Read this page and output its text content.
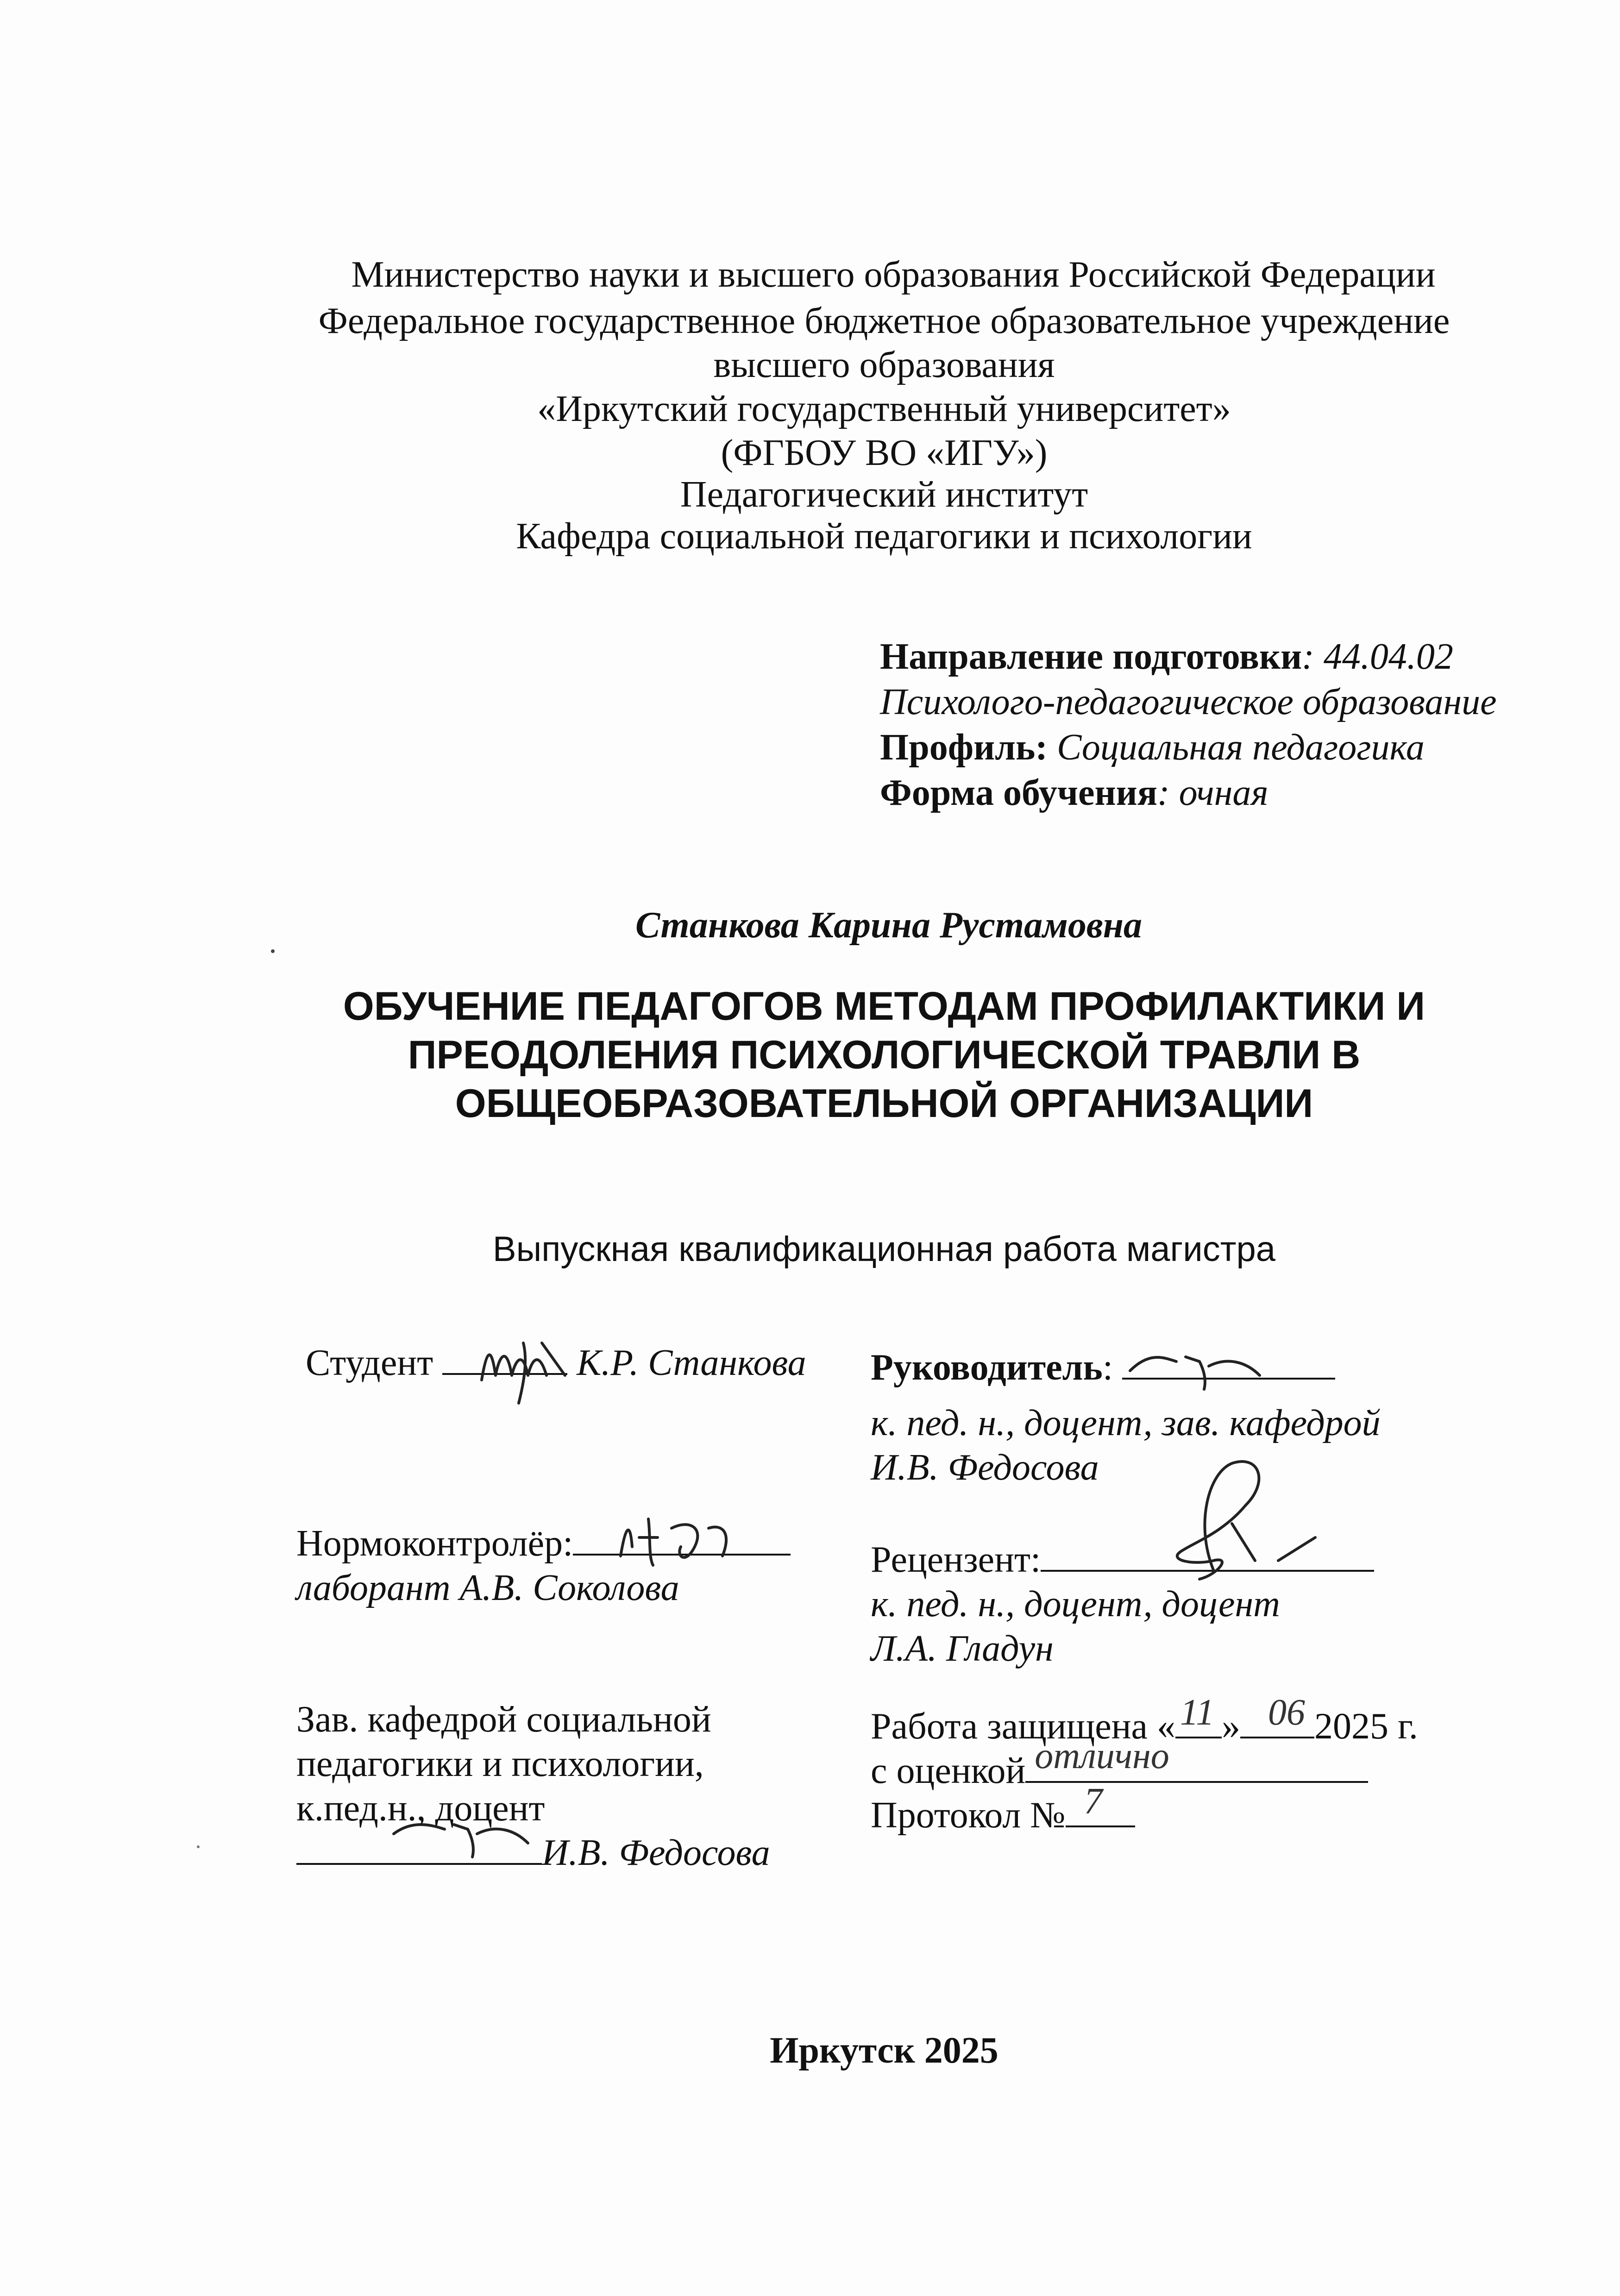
Министерство науки и высшего образования Российской Федерации
Федеральное государственное бюджетное образовательное учреждение
высшего образования
«Иркутский государственный университет»
(ФГБОУ ВО «ИГУ»)
Педагогический институт
Кафедра социальной педагогики и психологии
Направление подготовки: 44.04.02
Психолого-педагогическое образование
Профиль: Социальная педагогика
Форма обучения: очная
Станкова Карина Рустамовна
ОБУЧЕНИЕ ПЕДАГОГОВ МЕТОДАМ ПРОФИЛАКТИКИ И
ПРЕОДОЛЕНИЯ ПСИХОЛОГИЧЕСКОЙ ТРАВЛИ В
ОБЩЕОБРАЗОВАТЕЛЬНОЙ ОРГАНИЗАЦИИ
Выпускная квалификационная работа магистра
Студент	К.Р. Станкова Руководитель:
к. пед. н., доцент, зав. кафедрой
И.В. Федосова
Нормоконтролёр:
лаборант А.В. Соколова
Рецензент:
к. пед. н., доцент, доцент
Л.А. Гладун
Зав. кафедрой социальной
педагогики и психологии,
к.пед.н., доцент
И.В. Федосова
Работа защищена « 11 » 06 2025 г.
с оценкой отлично
Протокол № 7
Иркутск 2025
